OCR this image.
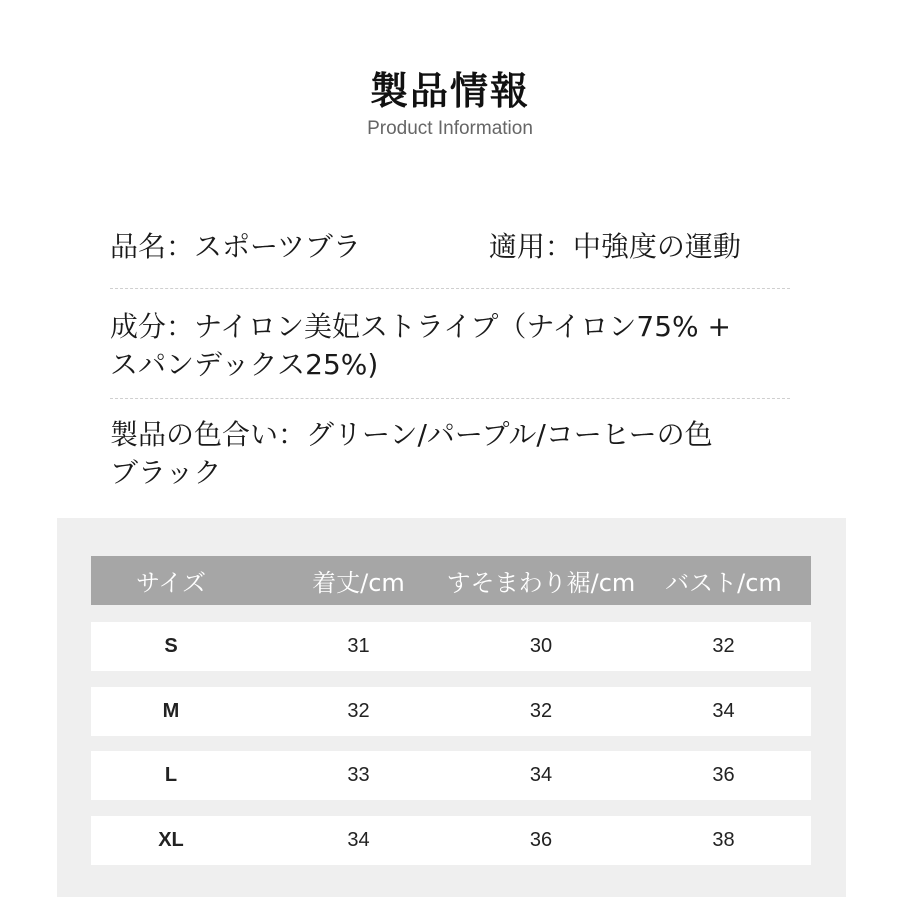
製品情報
Product Information
品名：スポーツブラ	適用：中強度の運動
成分：ナイロン美妃ストライプ（ナイロン75% +
スパンデックス25%)
製品の色合い：グリーン/パープル/コーヒーの色
ブラック
サイズ	着丈/cm	すそまわり裾/cm	バスト/cm
S	31	30	32
M	32	32	34
L	33	34	36
XL	34	36	38
